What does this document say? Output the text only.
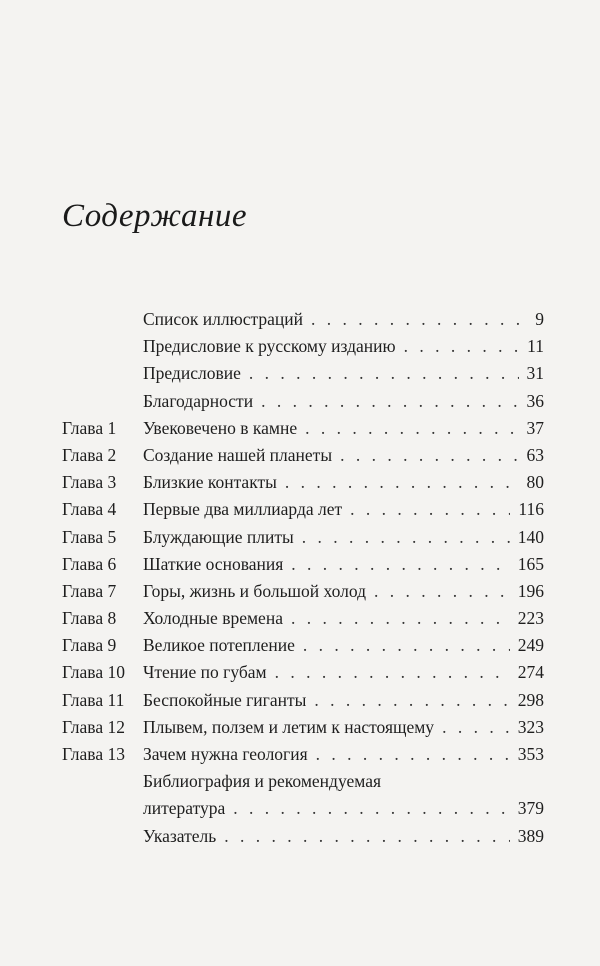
Содержание
Список иллюстраций . . .	9
Предисловие к русскому изданию . . .	11
Предисловие . . .	31
Благодарности . . .	36
Глава 1	Увековечено в камне . . .	37
Глава 2	Создание нашей планеты . . .	63
Глава 3	Близкие контакты . . .	80
Глава 4	Первые два миллиарда лет . . .	116
Глава 5	Блуждающие плиты . . .	140
Глава 6	Шаткие основания . . .	165
Глава 7	Горы, жизнь и большой холод . . .	196
Глава 8	Холодные времена . . .	223
Глава 9	Великое потепление . . .	249
Глава 10	Чтение по губам . . .	274
Глава 11	Беспокойные гиганты . . .	298
Глава 12	Плывем, ползем и летим к настоящему . . .	323
Глава 13	Зачем нужна геология . . .	353
Библиография и рекомендуемая
литература . . .	379
Указатель . . .	389
